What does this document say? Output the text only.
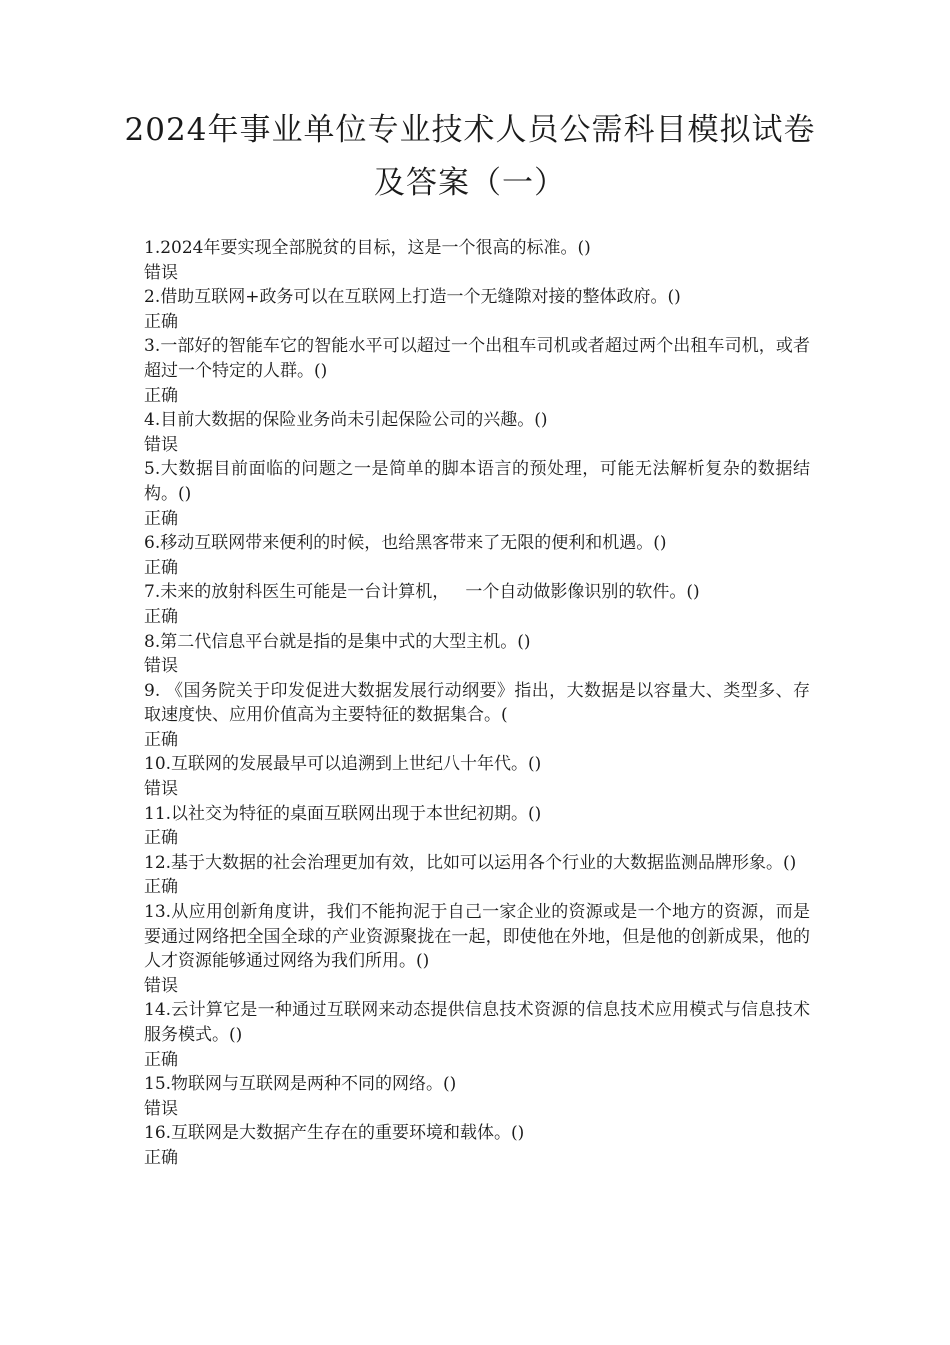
2024年事业单位专业技术人员公需科目模拟试卷
及答案（一）
1.2024年要实现全部脱贫的目标，这是一个很高的标准。()
错误
2.借助互联网+政务可以在互联网上打造一个无缝隙对接的整体政府。()
正确
3.一部好的智能车它的智能水平可以超过一个出租车司机或者超过两个出租车司机，或者超过一个特定的人群。()
正确
4.目前大数据的保险业务尚未引起保险公司的兴趣。()
错误
5.大数据目前面临的问题之一是简单的脚本语言的预处理，可能无法解析复杂的数据结构。()
正确
6.移动互联网带来便利的时候，也给黑客带来了无限的便利和机遇。()
正确
7.未来的放射科医生可能是一台计算机，   一个自动做影像识别的软件。()
正确
8.第二代信息平台就是指的是集中式的大型主机。()
错误
9. 《国务院关于印发促进大数据发展行动纲要》指出，大数据是以容量大、类型多、存取速度快、应用价值高为主要特征的数据集合。(
正确
10.互联网的发展最早可以追溯到上世纪八十年代。()
错误
11.以社交为特征的桌面互联网出现于本世纪初期。()
正确
12.基于大数据的社会治理更加有效，比如可以运用各个行业的大数据监测品牌形象。()
正确
13.从应用创新角度讲，我们不能拘泥于自己一家企业的资源或是一个地方的资源，而是要通过网络把全国全球的产业资源聚拢在一起，即使他在外地，但是他的创新成果，他的人才资源能够通过网络为我们所用。()
错误
14.云计算它是一种通过互联网来动态提供信息技术资源的信息技术应用模式与信息技术服务模式。()
正确
15.物联网与互联网是两种不同的网络。()
错误
16.互联网是大数据产生存在的重要环境和载体。()
正确
